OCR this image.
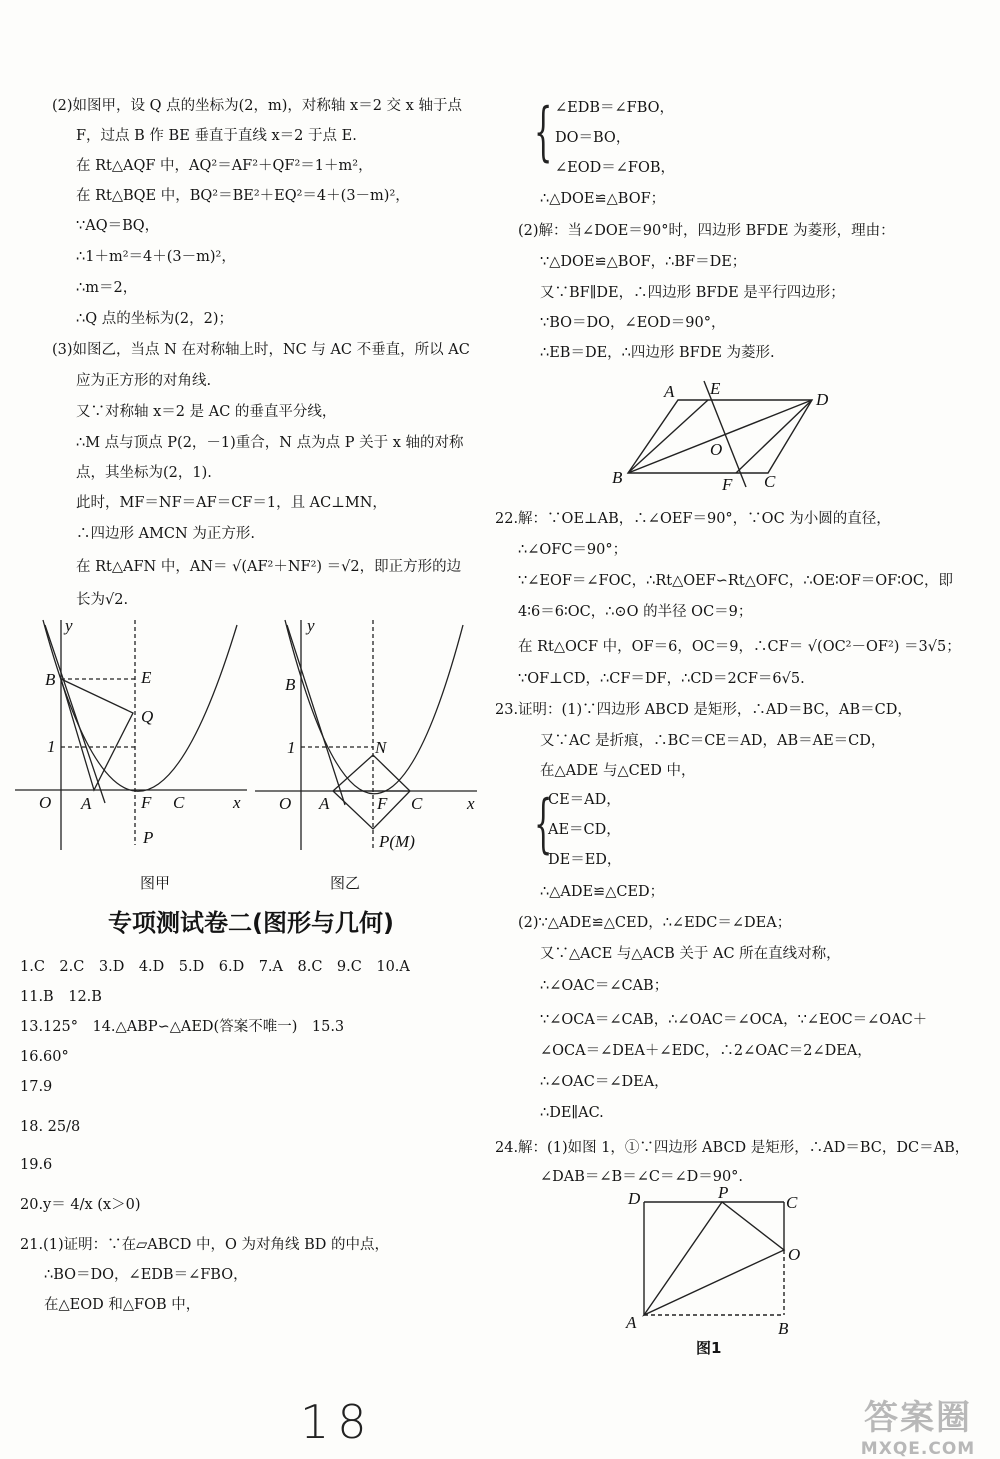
(2)如图甲，设 Q 点的坐标为(2，m)，对称轴 x＝2 交 x 轴于点
F，过点 B 作 BE 垂直于直线 x＝2 于点 E.
在 Rt△AQF 中，AQ²＝AF²＋QF²＝1＋m²，
在 Rt△BQE 中，BQ²＝BE²＋EQ²＝4＋(3－m)²，
∵AQ＝BQ，
∴1＋m²＝4＋(3－m)²，
∴m＝2，
∴Q 点的坐标为(2，2)；
(3)如图乙，当点 N 在对称轴上时，NC 与 AC 不垂直，所以 AC
应为正方形的对角线.
又∵对称轴 x＝2 是 AC 的垂直平分线，
∴M 点与顶点 P(2，－1)重合，N 点为点 P 关于 x 轴的对称
点，其坐标为(2，1).
此时，MF＝NF＝AF＝CF＝1，且 AC⊥MN，
∴四边形 AMCN 为正方形.
在 Rt△AFN 中，AN＝ √(AF²＋NF²) ＝√2，即正方形的边
长为√2.
y
B	E
Q
1
O A	F C	x
P
图甲
y
B
N
1
O A	F C	x
P(M)
图乙
专项测试卷二(图形与几何)
1.C　2.C　3.D　4.D　5.D　6.D　7.A　8.C　9.C　10.A
11.B　12.B
13.125°　14.△ABP∽△AED(答案不唯一)　15.3
16.60°
17.9
18. 25/8
19.6
20.y＝ 4/x (x＞0)
21.(1)证明：∵在▱ABCD 中，O 为对角线 BD 的中点，
∴BO＝DO，∠EDB＝∠FBO，
在△EOD 和△FOB 中，
{ ∠EDB＝∠FBO，
DO＝BO，
∠EOD＝∠FOB，
∴△DOE≌△BOF；
(2)解：当∠DOE＝90°时，四边形 BFDE 为菱形，理由：
∵△DOE≌△BOF，∴BF＝DE；
又∵BF∥DE，∴四边形 BFDE 是平行四边形；
∵BO＝DO，∠EOD＝90°，
∴EB＝DE，∴四边形 BFDE 为菱形.
A E
D
O
B	F C
22.解：∵OE⊥AB，∴∠OEF＝90°，∵OC 为小圆的直径，
∴∠OFC＝90°；
∵∠EOF＝∠FOC，∴Rt△OEF∽Rt△OFC，∴OE∶OF＝OF∶OC，即
4∶6＝6∶OC，∴⊙O 的半径 OC＝9；
在 Rt△OCF 中，OF＝6，OC＝9，∴CF＝ √(OC²－OF²) ＝3√5；
∵OF⊥CD，∴CF＝DF，∴CD＝2CF＝6√5.
23.证明：(1)∵四边形 ABCD 是矩形，∴AD＝BC，AB＝CD，
又∵AC 是折痕，∴BC＝CE＝AD，AB＝AE＝CD，
在△ADE 与△CED 中，
{
CE＝AD，
AE＝CD，
DE＝ED，
∴△ADE≌△CED；
(2)∵△ADE≌△CED，∴∠EDC＝∠DEA；
又∵△ACE 与△ACB 关于 AC 所在直线对称，
∴∠OAC＝∠CAB；
∵∠OCA＝∠CAB，∴∠OAC＝∠OCA，∵∠EOC＝∠OAC＋
∠OCA＝∠DEA＋∠EDC，∴2∠OAC＝2∠DEA，
∴∠OAC＝∠DEA，
∴DE∥AC.
24.解：(1)如图 1，①∵四边形 ABCD 是矩形，∴AD＝BC，DC＝AB，
∠DAB＝∠B＝∠C＝∠D＝90°.
D	P
C
O
A	B
图1
18	答案圈
MXQE.COM
